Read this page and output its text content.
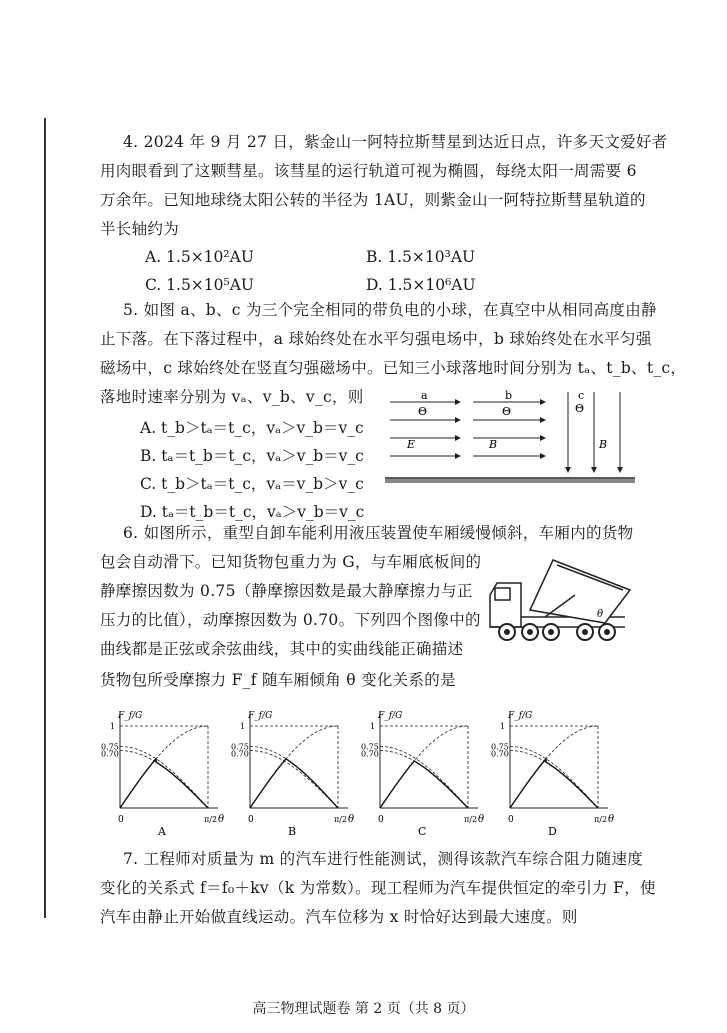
4. 2024 年 9 月 27 日，紫金山一阿特拉斯彗星到达近日点，许多天文爱好者
用肉眼看到了这颗彗星。该彗星的运行轨道可视为椭圆，每绕太阳一周需要 6
万余年。已知地球绕太阳公转的半径为 1AU，则紫金山一阿特拉斯彗星轨道的
半长轴约为
A. 1.5×10²AU	B. 1.5×10³AU
C. 1.5×10⁵AU	D. 1.5×10⁶AU
5. 如图 a、b、c 为三个完全相同的带负电的小球，在真空中从相同高度由静
止下落。在下落过程中，a 球始终处在水平匀强电场中，b 球始终处在水平匀强
磁场中，c 球始终处在竖直匀强磁场中。已知三小球落地时间分别为 tₐ、t_b、t_c，
落地时速率分别为 vₐ、v_b、v_c，则
A. t_b＞tₐ＝t_c，vₐ＞v_b＝v_c
B. tₐ＝t_b＝t_c，vₐ＞v_b＝v_c
C. t_b＞tₐ＝t_c，vₐ＝v_b＞v_c
D. tₐ＝t_b＝t_c，vₐ＞v_b＝v_c
a
Θ
b
Θ
c
Θ
E	B	B
6. 如图所示，重型自卸车能利用液压装置使车厢缓慢倾斜，车厢内的货物
包会自动滑下。已知货物包重力为 G，与车厢底板间的
静摩擦因数为 0.75（静摩擦因数是最大静摩擦力与正
压力的比值），动摩擦因数为 0.70。下列四个图像中的
曲线都是正弦或余弦曲线，其中的实曲线能正确描述
货物包所受摩擦力 F_f 随车厢倾角 θ 变化关系的是
θ
F_f/G
θ
0	π/2
1
0.75
0.70
A
F_f/G
θ
0	π/2
1
0.75
0.70
B
F_f/G
θ
0	π/2
1
0.75
0.70
C
F_f/G
θ
0	π/2
1
0.75
0.70
D
7. 工程师对质量为 m 的汽车进行性能测试，测得该款汽车综合阻力随速度
变化的关系式 f＝f₀＋kv（k 为常数）。现工程师为汽车提供恒定的牵引力 F，使
汽车由静止开始做直线运动。汽车位移为 x 时恰好达到最大速度。则
高三物理试题卷 第 2 页（共 8 页）
